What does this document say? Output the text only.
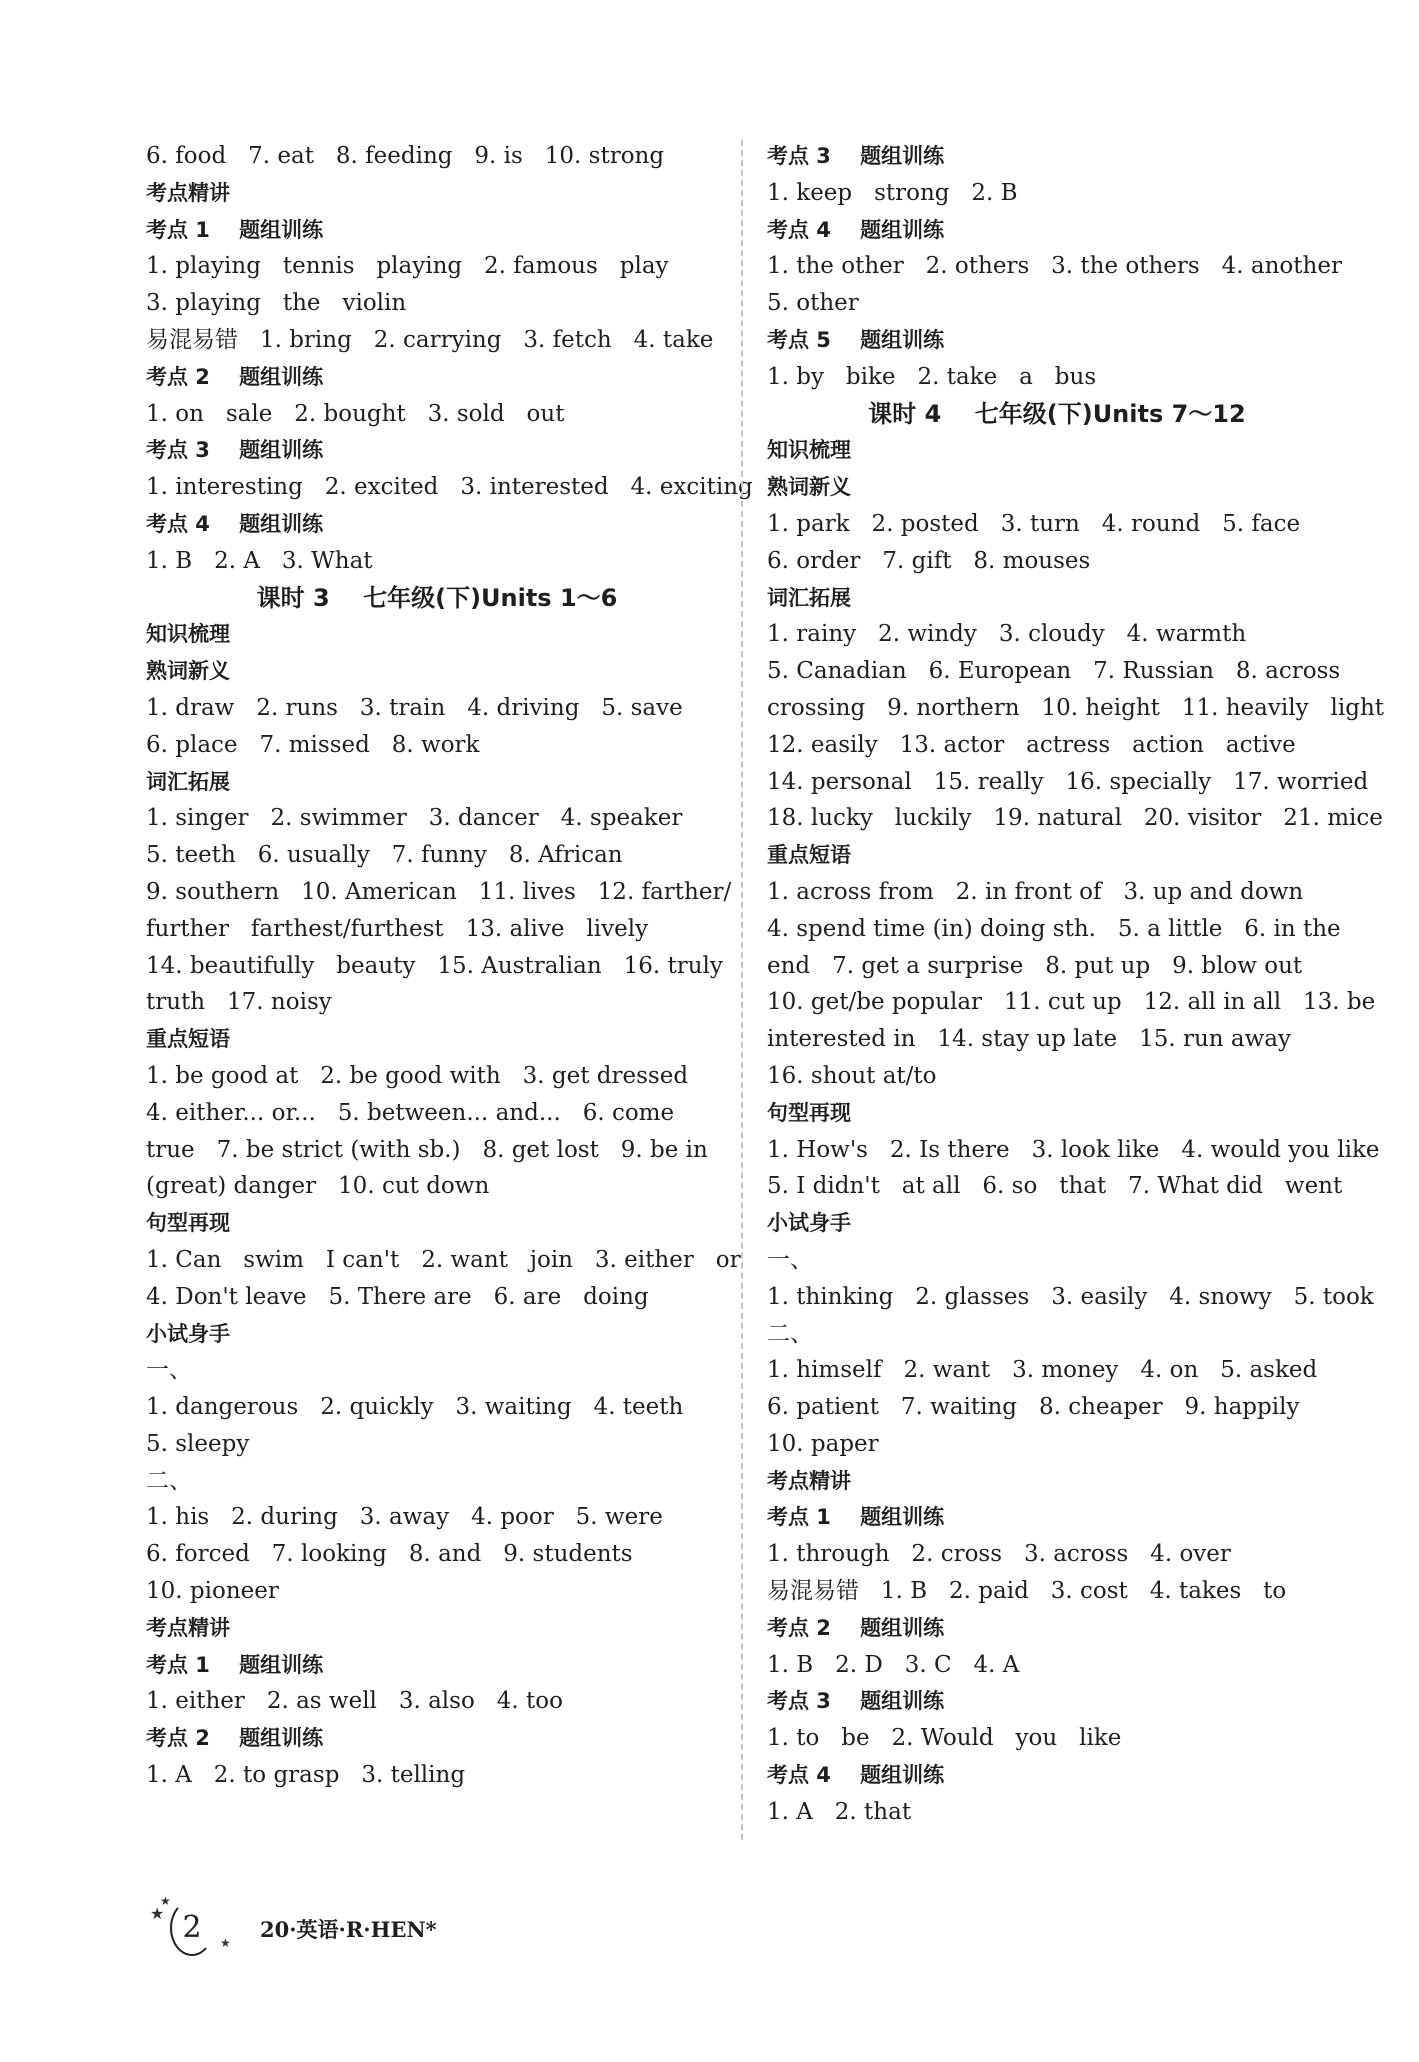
6. food   7. eat   8. feeding   9. is   10. strong
考点精讲
考点 1    题组训练
1. playing   tennis   playing   2. famous   play
3. playing   the   violin
易混易错   1. bring   2. carrying   3. fetch   4. take
考点 2    题组训练
1. on   sale   2. bought   3. sold   out
考点 3    题组训练
1. interesting   2. excited   3. interested   4. exciting
考点 4    题组训练
1. B   2. A   3. What
课时 3    七年级(下)Units 1～6
知识梳理
熟词新义
1. draw   2. runs   3. train   4. driving   5. save
6. place   7. missed   8. work
词汇拓展
1. singer   2. swimmer   3. dancer   4. speaker
5. teeth   6. usually   7. funny   8. African
9. southern   10. American   11. lives   12. farther/
further   farthest/furthest   13. alive   lively
14. beautifully   beauty   15. Australian   16. truly
truth   17. noisy
重点短语
1. be good at   2. be good with   3. get dressed
4. either... or...   5. between... and...   6. come
true   7. be strict (with sb.)   8. get lost   9. be in
(great) danger   10. cut down
句型再现
1. Can   swim   I can't   2. want   join   3. either   or
4. Don't leave   5. There are   6. are   doing
小试身手
一、
1. dangerous   2. quickly   3. waiting   4. teeth
5. sleepy
二、
1. his   2. during   3. away   4. poor   5. were
6. forced   7. looking   8. and   9. students
10. pioneer
考点精讲
考点 1    题组训练
1. either   2. as well   3. also   4. too
考点 2    题组训练
1. A   2. to grasp   3. telling
考点 3    题组训练
1. keep   strong   2. B
考点 4    题组训练
1. the other   2. others   3. the others   4. another
5. other
考点 5    题组训练
1. by   bike   2. take   a   bus
课时 4    七年级(下)Units 7～12
知识梳理
熟词新义
1. park   2. posted   3. turn   4. round   5. face
6. order   7. gift   8. mouses
词汇拓展
1. rainy   2. windy   3. cloudy   4. warmth
5. Canadian   6. European   7. Russian   8. across
crossing   9. northern   10. height   11. heavily   light
12. easily   13. actor   actress   action   active
14. personal   15. really   16. specially   17. worried
18. lucky   luckily   19. natural   20. visitor   21. mice
重点短语
1. across from   2. in front of   3. up and down
4. spend time (in) doing sth.   5. a little   6. in the
end   7. get a surprise   8. put up   9. blow out
10. get/be popular   11. cut up   12. all in all   13. be
interested in   14. stay up late   15. run away
16. shout at/to
句型再现
1. How's   2. Is there   3. look like   4. would you like
5. I didn't   at all   6. so   that   7. What did   went
小试身手
一、
1. thinking   2. glasses   3. easily   4. snowy   5. took
二、
1. himself   2. want   3. money   4. on   5. asked
6. patient   7. waiting   8. cheaper   9. happily
10. paper
考点精讲
考点 1    题组训练
1. through   2. cross   3. across   4. over
易混易错   1. B   2. paid   3. cost   4. takes   to
考点 2    题组训练
1. B   2. D   3. C   4. A
考点 3    题组训练
1. to   be   2. Would   you   like
考点 4    题组训练
1. A   2. that
★
★
★
2	20·英语·R·HEN*
